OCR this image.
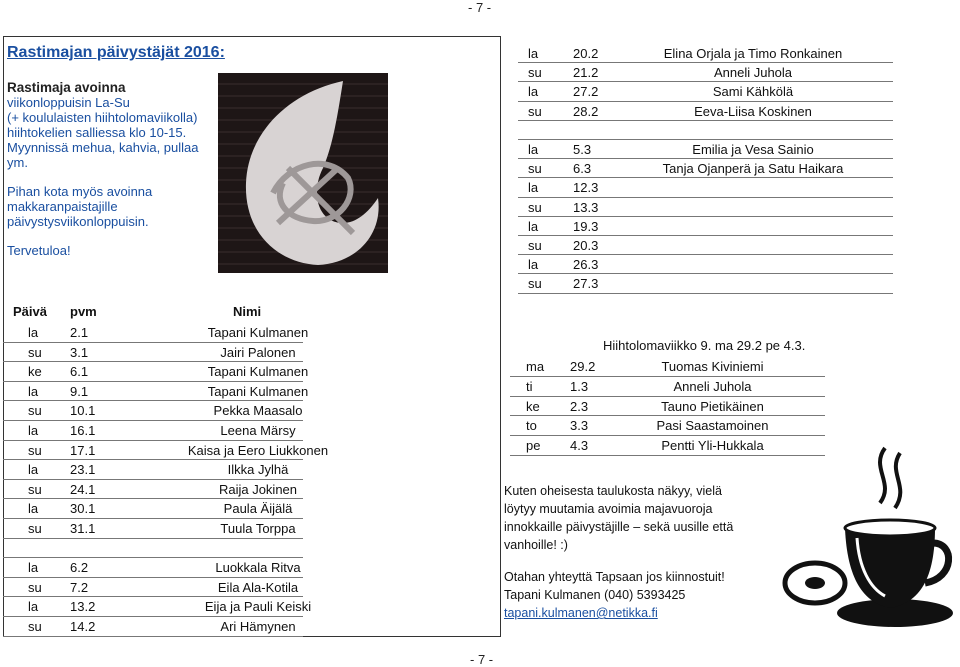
- 7 -
- 7 -
Rastimajan päivystäjät 2016:
Rastimaja avoinna
viikonloppuisin La-Su
(+ koululaisten hiihtolomaviikolla)
hiihtokelien salliessa klo 10-15.
Myynnissä mehua, kahvia, pullaa
ym.
Pihan kota myös avoinna
makkaranpaistajille
päivystysviikonloppuisin.
Tervetuloa!
Päivä pvm	Nimi
la 2.1	Tapani Kulmanen
su 3.1	Jairi Palonen
ke 6.1	Tapani Kulmanen
la 9.1	Tapani Kulmanen
su 10.1	Pekka Maasalo
la 16.1	Leena Märsy
su 17.1	Kaisa ja Eero Liukkonen
la 23.1	Ilkka Jylhä
su 24.1	Raija Jokinen
la 30.1	Paula Äijälä
su 31.1	Tuula Torppa
la 6.2	Luokkala Ritva
su 7.2	Eila Ala-Kotila
la 13.2	Eija ja Pauli Keiski
su 14.2	Ari Hämynen
la	20.2	Elina Orjala ja Timo Ronkainen
su 21.2	Anneli Juhola
la	27.2	Sami Kähkölä
su 28.2	Eeva-Liisa Koskinen
la	5.3	Emilia ja Vesa Sainio
su 6.3	Tanja Ojanperä ja Satu Haikara
la	12.3
su 13.3
la	19.3
su 20.3
la	26.3
su 27.3
Hiihtolomaviikko 9. ma 29.2 pe 4.3.
ma 29.2	Tuomas Kiviniemi
ti	1.3	Anneli Juhola
ke 2.3	Tauno Pietikäinen
to	3.3	Pasi Saastamoinen
pe 4.3	Pentti Yli-Hukkala
Kuten oheisesta taulukosta näkyy, vielä
löytyy muutamia avoimia majavuoroja
innokkaille päivystäjille – sekä uusille että
vanhoille! :)
Otahan yhteyttä Tapsaan jos kiinnostuit!
Tapani Kulmanen (040) 5393425
tapani.kulmanen@netikka.fi
